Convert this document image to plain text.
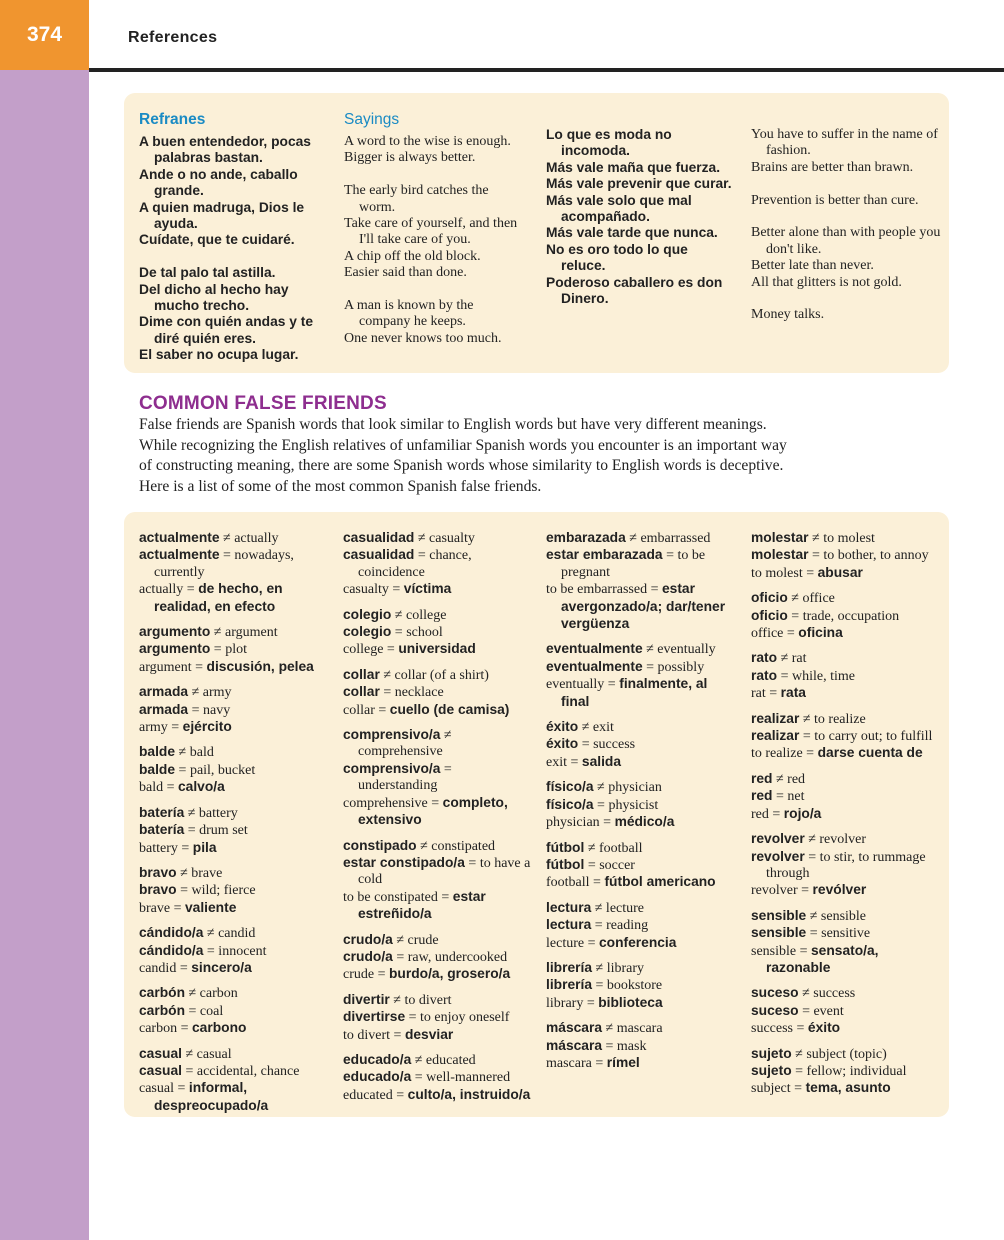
374	References
Refranes
A buen entendedor, pocas palabras bastan.
Ande o no ande, caballo grande.
A quien madruga, Dios le ayuda.
Cuídate, que te cuidaré.
De tal palo tal astilla.
Del dicho al hecho hay mucho trecho.
Dime con quién andas y te diré quién eres.
El saber no ocupa lugar.
Sayings
A word to the wise is enough.
Bigger is always better.
The early bird catches the worm.
Take care of yourself, and then I'll take care of you.
A chip off the old block.
Easier said than done.
A man is known by the company he keeps.
One never knows too much.
Lo que es moda no incomoda.
Más vale maña que fuerza.
Más vale prevenir que curar.
Más vale solo que mal acompañado.
Más vale tarde que nunca.
No es oro todo lo que reluce.
Poderoso caballero es don Dinero.
You have to suffer in the name of fashion.
Brains are better than brawn.
Prevention is better than cure.
Better alone than with people you don't like.
Better late than never.
All that glitters is not gold.
Money talks.
COMMON FALSE FRIENDS
False friends are Spanish words that look similar to English words but have very different meanings. While recognizing the English relatives of unfamiliar Spanish words you encounter is an important way of constructing meaning, there are some Spanish words whose similarity to English words is deceptive. Here is a list of some of the most common Spanish false friends.
actualmente ≠ actually
actualmente = nowadays, currently
actually = de hecho, en realidad, en efecto
argumento ≠ argument
argumento = plot
argument = discusión, pelea
armada ≠ army
armada = navy
army = ejército
balde ≠ bald
balde = pail, bucket
bald = calvo/a
batería ≠ battery
batería = drum set
battery = pila
bravo ≠ brave
bravo = wild; fierce
brave = valiente
cándido/a ≠ candid
cándido/a = innocent
candid = sincero/a
carbón ≠ carbon
carbón = coal
carbon = carbono
casual ≠ casual
casual = accidental, chance
casual = informal, despreocupado/a
casualidad ≠ casualty
casualidad = chance, coincidence
casualty = víctima
colegio ≠ college
colegio = school
college = universidad
collar ≠ collar (of a shirt)
collar = necklace
collar = cuello (de camisa)
comprensivo/a ≠ comprehensive
comprensivo/a = understanding
comprehensive = completo, extensivo
constipado ≠ constipated
estar constipado/a = to have a cold
to be constipated = estar estreñido/a
crudo/a ≠ crude
crudo/a = raw, undercooked
crude = burdo/a, grosero/a
divertir ≠ to divert
divertirse = to enjoy oneself
to divert = desviar
educado/a ≠ educated
educado/a = well-mannered
educated = culto/a, instruido/a
embarazada ≠ embarrassed
estar embarazada = to be pregnant
to be embarrassed = estar avergonzado/a; dar/tener vergüenza
eventualmente ≠ eventually
eventualmente = possibly
eventually = finalmente, al final
éxito ≠ exit
éxito = success
exit = salida
físico/a ≠ physician
físico/a = physicist
physician = médico/a
fútbol ≠ football
fútbol = soccer
football = fútbol americano
lectura ≠ lecture
lectura = reading
lecture = conferencia
librería ≠ library
librería = bookstore
library = biblioteca
máscara ≠ mascara
máscara = mask
mascara = rímel
molestar ≠ to molest
molestar = to bother, to annoy
to molest = abusar
oficio ≠ office
oficio = trade, occupation
office = oficina
rato ≠ rat
rato = while, time
rat = rata
realizar ≠ to realize
realizar = to carry out; to fulfill
to realize = darse cuenta de
red ≠ red
red = net
red = rojo/a
revolver ≠ revolver
revolver = to stir, to rummage through
revolver = revólver
sensible ≠ sensible
sensible = sensitive
sensible = sensato/a, razonable
suceso ≠ success
suceso = event
success = éxito
sujeto ≠ subject (topic)
sujeto = fellow; individual
subject = tema, asunto
